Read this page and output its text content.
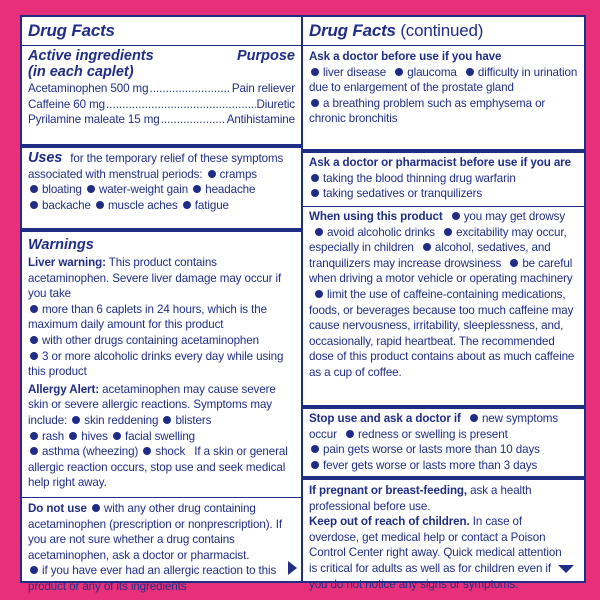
Drug Facts
Active ingredients	Purpose
(in each caplet)
Acetaminophen 500 mg .....	Pain reliever
Caffeine 60 mg .....	Diuretic
Pyrilamine maleate 15 mg .....	Antihistamine
Uses for the temporary relief of these symptoms associated with menstrual periods: cramps
bloating water-weight gain headache
backache muscle aches fatigue
Warnings

Liver warning: This product contains acetaminophen. Severe liver damage may occur if you take

more than 6 caplets in 24 hours, which is the maximum daily amount for this product

with other drugs containing acetaminophen

3 or more alcoholic drinks every day while using this product

Allergy Alert: acetaminophen may cause severe skin or severe allergic reactions. Symptoms may include: skin reddening blisters
rash hives facial swelling
asthma (wheezing) shock If a skin or general allergic reaction occurs, stop use and seek medical help right away.

Do not use with any other drug containing acetaminophen (prescription or nonprescription). If you are not sure whether a drug contains acetaminophen, ask a doctor or pharmacist.

if you have ever had an allergic reaction to this product or any of its ingredients

Drug Facts (continued)

Ask a doctor before use if you have

liver disease glaucoma difficulty in urination due to enlargement of the prostate gland

a breathing problem such as emphysema or chronic bronchitis

Ask a doctor or pharmacist before use if you are

taking the blood thinning drug warfarin

taking sedatives or tranquilizers

When using this product you may get drowsy avoid alcoholic drinks excitability may occur, especially in children alcohol, sedatives, and tranquilizers may increase drowsiness be careful when driving a motor vehicle or operating machinery limit the use of caffeine-containing medications, foods, or beverages because too much caffeine may cause nervousness, irritability, sleeplessness, and, occasionally, rapid heartbeat. The recommended dose of this product contains about as much caffeine as a cup of coffee.

Stop use and ask a doctor if new symptoms occur redness or swelling is present

pain gets worse or lasts more than 10 days

fever gets worse or lasts more than 3 days

If pregnant or breast-feeding, ask a health professional before use.

Keep out of reach of children. In case of overdose, get medical help or contact a Poison Control Center right away. Quick medical attention is critical for adults as well as for children even if you do not notice any signs or symptoms.
